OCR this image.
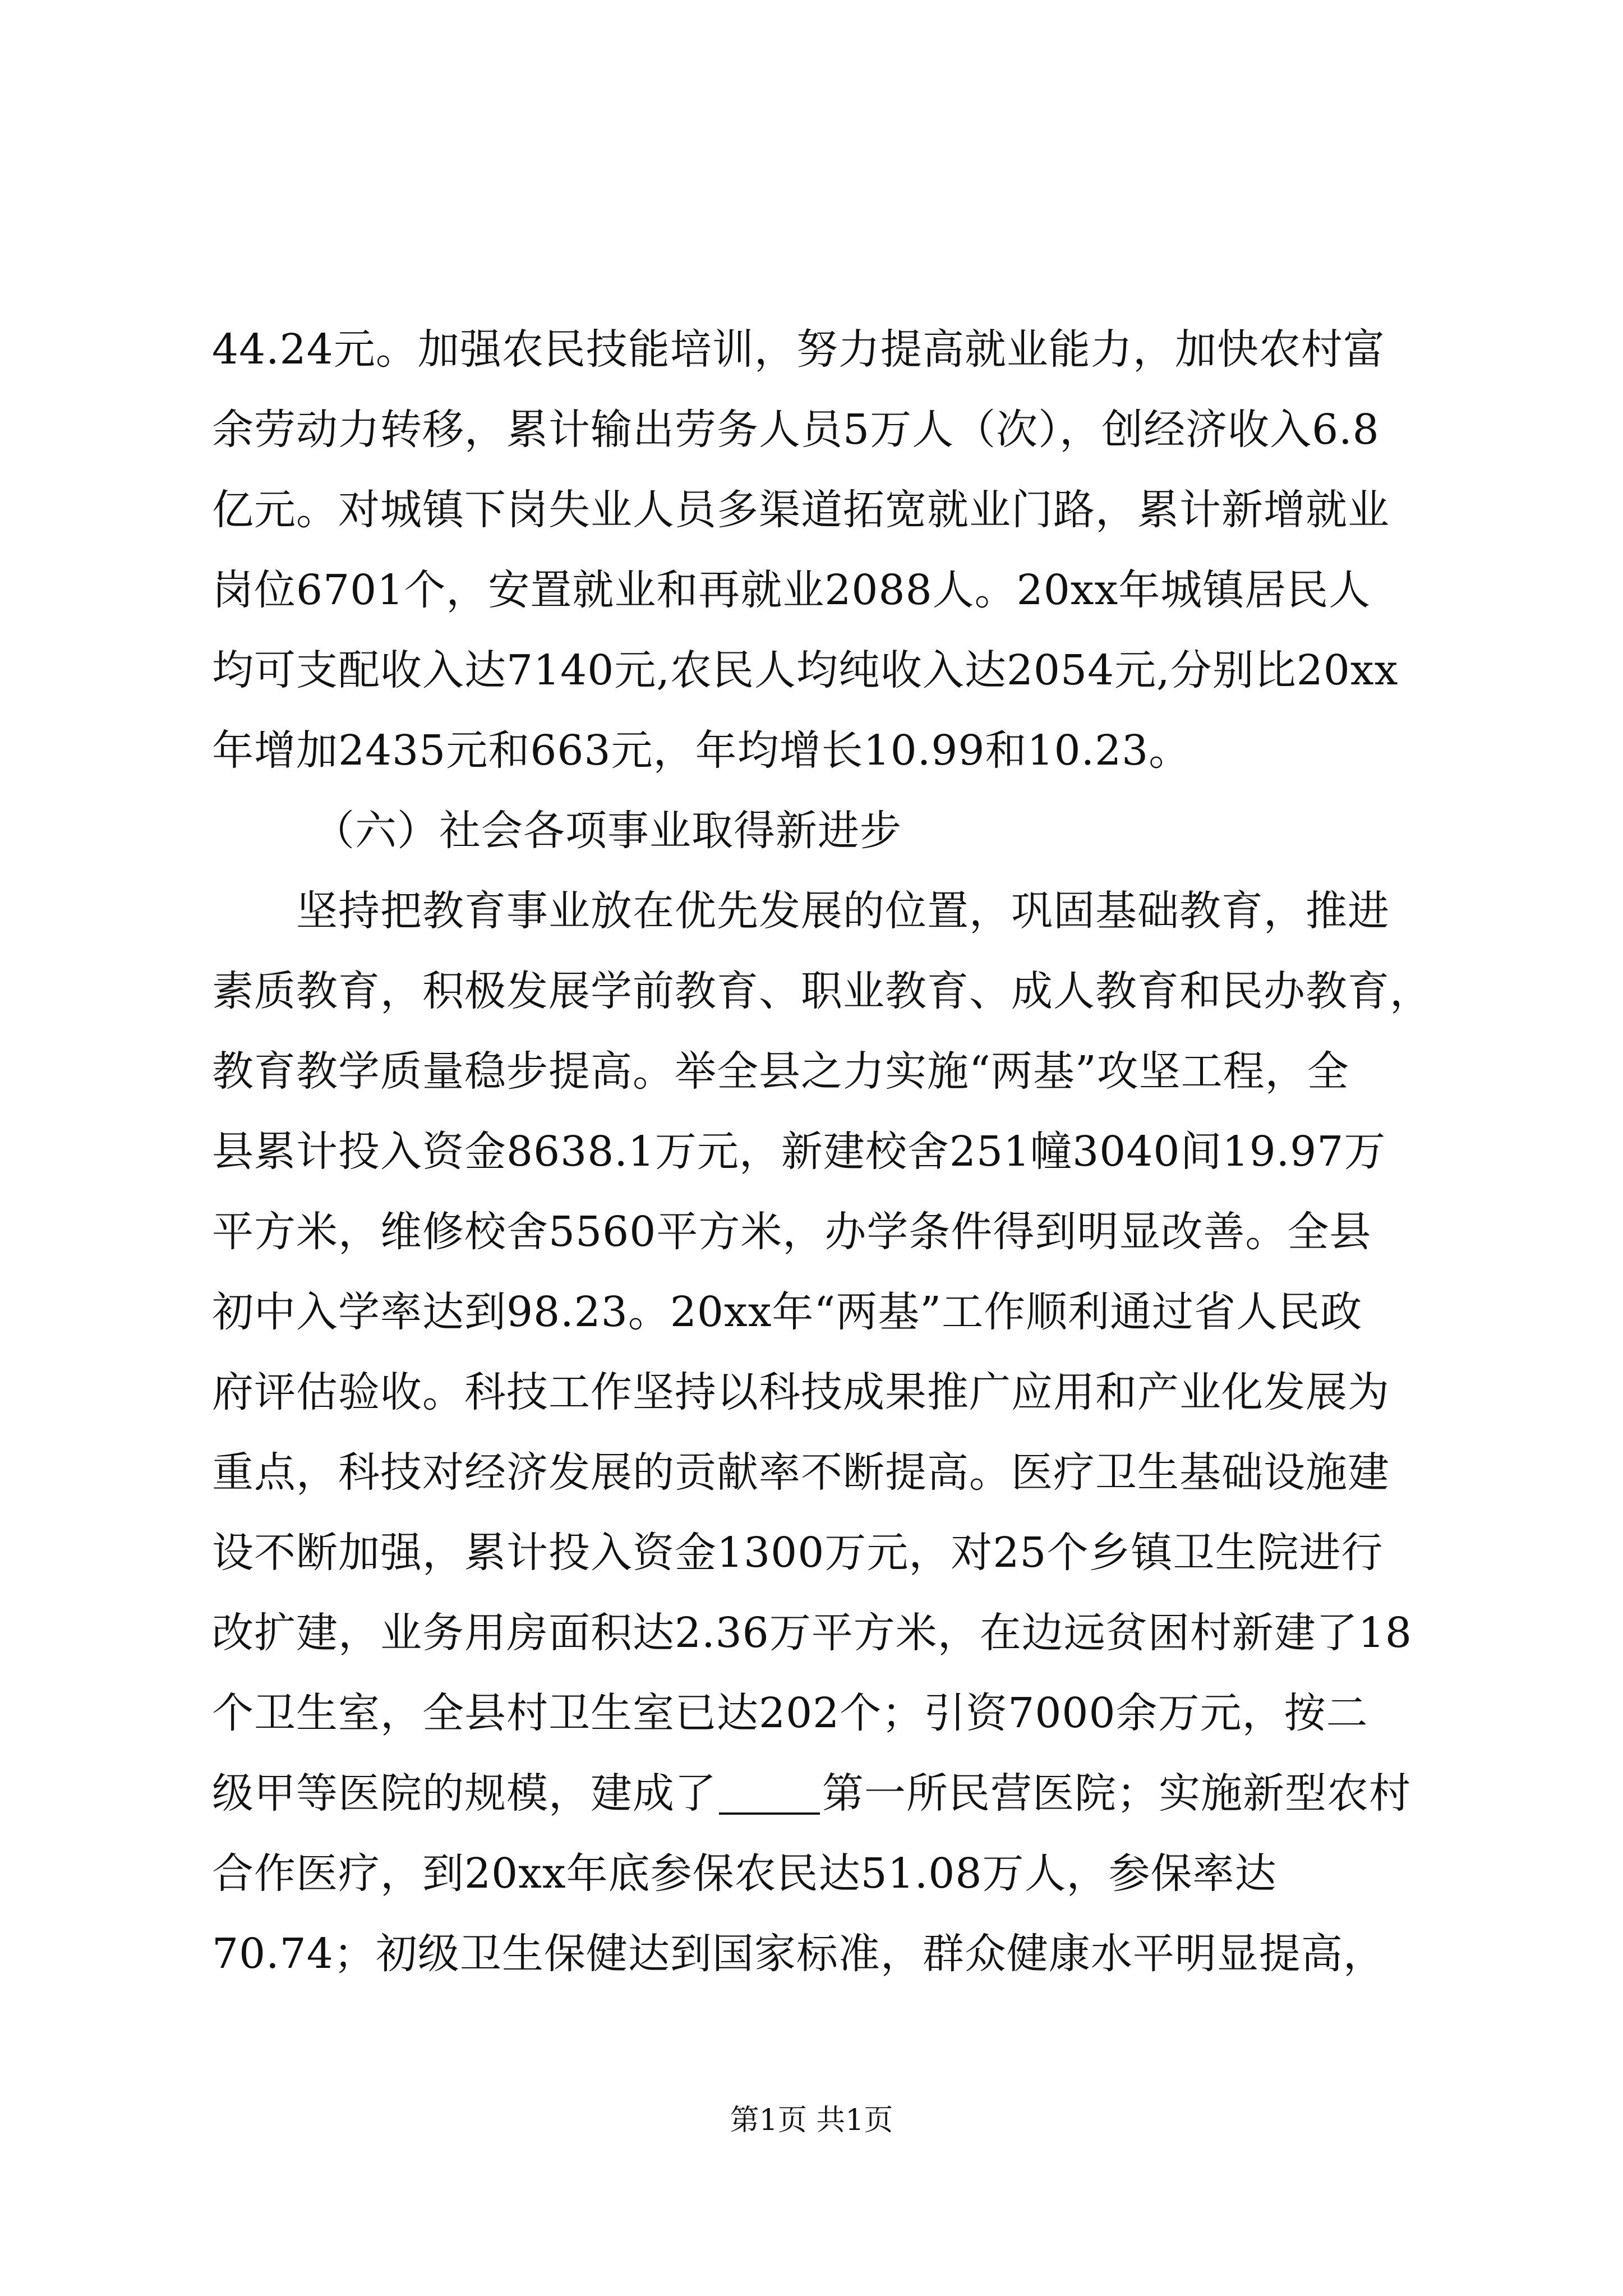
44.24元。加强农民技能培训，努力提高就业能力，加快农村富
余劳动力转移，累计输出劳务人员5万人（次），创经济收入6.8
亿元。对城镇下岗失业人员多渠道拓宽就业门路，累计新增就业
岗位6701个，安置就业和再就业2088人。20xx年城镇居民人
均可支配收入达7140元,农民人均纯收入达2054元,分别比20xx
年增加2435元和663元，年均增长10.99和10.23。
（六）社会各项事业取得新进步
坚持把教育事业放在优先发展的位置，巩固基础教育，推进
素质教育，积极发展学前教育、职业教育、成人教育和民办教育，
教育教学质量稳步提高。举全县之力实施“两基”攻坚工程，全
县累计投入资金8638.1万元，新建校舍251幢3040间19.97万
平方米，维修校舍5560平方米，办学条件得到明显改善。全县
初中入学率达到98.23。20xx年“两基”工作顺利通过省人民政
府评估验收。科技工作坚持以科技成果推广应用和产业化发展为
重点，科技对经济发展的贡献率不断提高。医疗卫生基础设施建
设不断加强，累计投入资金1300万元，对25个乡镇卫生院进行
改扩建，业务用房面积达2.36万平方米，在边远贫困村新建了18
个卫生室，全县村卫生室已达202个；引资7000余万元，按二
级甲等医院的规模，建成了	第一所民营医院；实施新型农村
合作医疗，到20xx年底参保农民达51.08万人，参保率达
70.74；初级卫生保健达到国家标准，群众健康水平明显提高，
第1页 共1页
